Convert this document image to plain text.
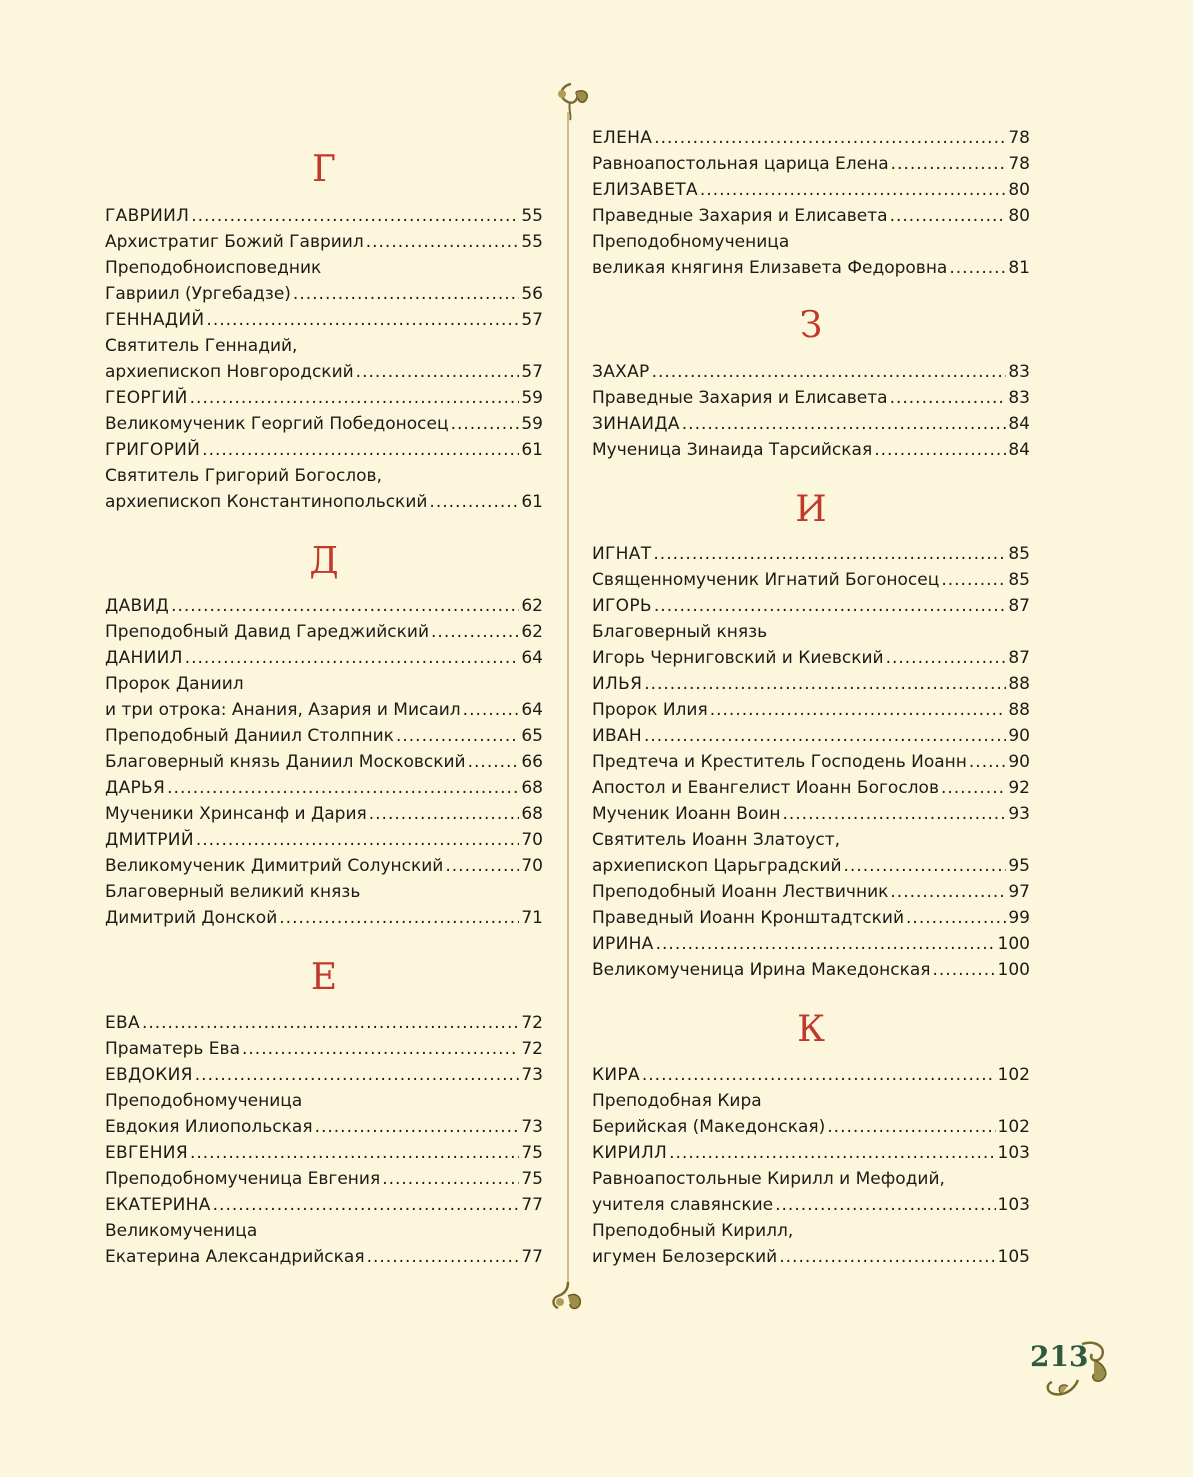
Г
ГАВРИИЛ .....	55
Архистратиг Божий Гавриил .....	55
Преподобноисповедник
Гавриил (Ургебадзе) .....	56
ГЕННАДИЙ .....	57
Святитель Геннадий,
архиепископ Новгородский .....	57
ГЕОРГИЙ .....	59
Великомученик Георгий Победоносец .....	59
ГРИГОРИЙ .....	61
Святитель Григорий Богослов,
архиепископ Константинопольский .....	61
Д
ДАВИД .....	62
Преподобный Давид Гареджийский .....	62
ДАНИИЛ .....	64
Пророк Даниил
и три отрока: Анания, Азария и Мисаил .....	64
Преподобный Даниил Столпник .....	65
Благоверный князь Даниил Московский .....	66
ДАРЬЯ .....	68
Мученики Хринсанф и Дария .....	68
ДМИТРИЙ .....	70
Великомученик Димитрий Солунский .....	70
Благоверный великий князь
Димитрий Донской .....	71
Е
ЕВА .....	72
Праматерь Ева .....	72
ЕВДОКИЯ .....	73
Преподобномученица
Евдокия Илиопольская .....	73
ЕВГЕНИЯ .....	75
Преподобномученица Евгения .....	75
ЕКАТЕРИНА .....	77
Великомученица
Екатерина Александрийская .....	77
ЕЛЕНА .....	78
Равноапостольная царица Елена .....	78
ЕЛИЗАВЕТА .....	80
Праведные Захария и Елисавета .....	80
Преподобномученица
великая княгиня Елизавета Федоровна .....	81
З
ЗАХАР .....	83
Праведные Захария и Елисавета .....	83
ЗИНАИДА .....	84
Мученица Зинаида Тарсийская .....	84
И
ИГНАТ .....	85
Священномученик Игнатий Богоносец .....	85
ИГОРЬ .....	87
Благоверный князь
Игорь Черниговский и Киевский .....	87
ИЛЬЯ .....	88
Пророк Илия .....	88
ИВАН .....	90
Предтеча и Креститель Господень Иоанн ..... 90
Апостол и Евангелист Иоанн Богослов .....	92
Мученик Иоанн Воин .....	93
Святитель Иоанн Златоуст,
архиепископ Царьградский .....	95
Преподобный Иоанн Лествичник .....	97
Праведный Иоанн Кронштадтский .....	99
ИРИНА .....	100
Великомученица Ирина Македонская .....	100
К
КИРА .....	102
Преподобная Кира
Берийская (Македонская) .....	102
КИРИЛЛ .....	103
Равноапостольные Кирилл и Мефодий,
учителя славянские .....	103
Преподобный Кирилл,
игумен Белозерский .....	105
213
